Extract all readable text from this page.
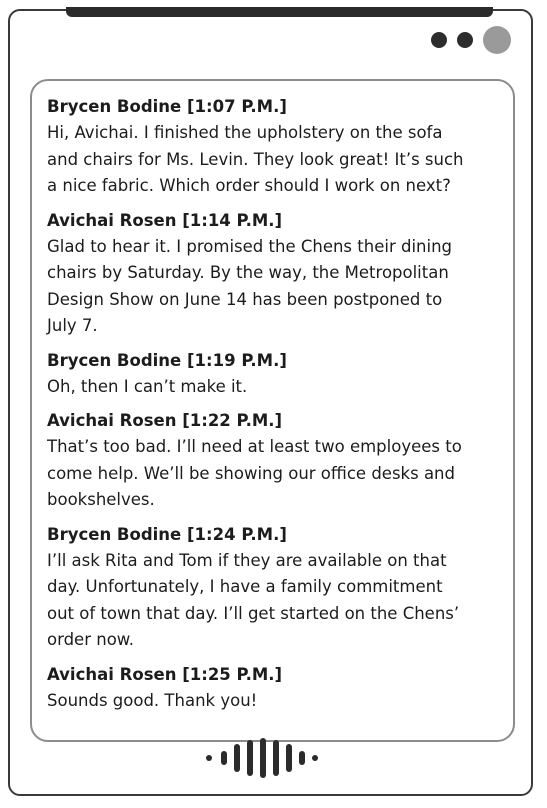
Brycen Bodine [1:07 P.M.]
Hi, Avichai. I finished the upholstery on the sofa
and chairs for Ms. Levin. They look great! It’s such
a nice fabric. Which order should I work on next?
Avichai Rosen [1:14 P.M.]
Glad to hear it. I promised the Chens their dining
chairs by Saturday. By the way, the Metropolitan
Design Show on June 14 has been postponed to
July 7.
Brycen Bodine [1:19 P.M.]
Oh, then I can’t make it.
Avichai Rosen [1:22 P.M.]
That’s too bad. I’ll need at least two employees to
come help. We’ll be showing our office desks and
bookshelves.
Brycen Bodine [1:24 P.M.]
I’ll ask Rita and Tom if they are available on that
day. Unfortunately, I have a family commitment
out of town that day. I’ll get started on the Chens’
order now.
Avichai Rosen [1:25 P.M.]
Sounds good. Thank you!
